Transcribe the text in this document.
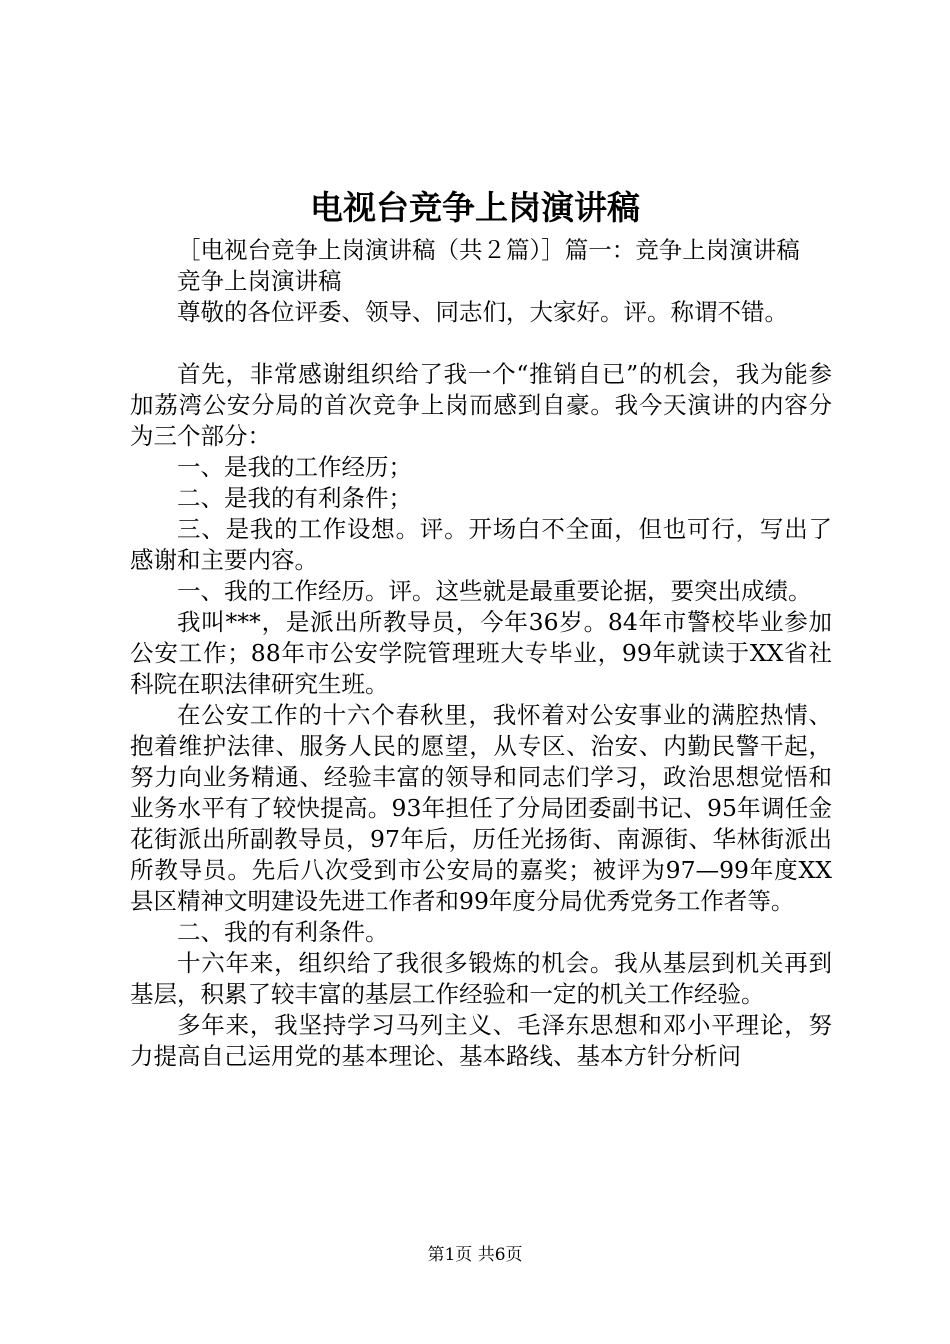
电视台竞争上岗演讲稿

［电视台竞争上岗演讲稿（共２篇）］篇一：竞争上岗演讲稿

竞争上岗演讲稿

尊敬的各位评委、领导、同志们，大家好。评。称谓不错。

首先，非常感谢组织给了我一个“推销自已”的机会，我为能参加荔湾公安分局的首次竞争上岗而感到自豪。我今天演讲的内容分为三个部分：

一、是我的工作经历；

二、是我的有利条件；

三、是我的工作设想。评。开场白不全面，但也可行，写出了感谢和主要内容。

一、我的工作经历。评。这些就是最重要论据，要突出成绩。

我叫***，是派出所教导员，今年36岁。84年市警校毕业参加公安工作；88年市公安学院管理班大专毕业，99年就读于XX省社科院在职法律研究生班。

在公安工作的十六个春秋里，我怀着对公安事业的满腔热情、抱着维护法律、服务人民的愿望，从专区、治安、内勤民警干起，努力向业务精通、经验丰富的领导和同志们学习，政治思想觉悟和业务水平有了较快提高。93年担任了分局团委副书记、95年调任金花街派出所副教导员，97年后，历任光扬街、南源街、华林街派出所教导员。先后八次受到市公安局的嘉奖；被评为97—99年度XX县区精神文明建设先进工作者和99年度分局优秀党务工作者等。

二、我的有利条件。

十六年来，组织给了我很多锻炼的机会。我从基层到机关再到基层，积累了较丰富的基层工作经验和一定的机关工作经验。

多年来，我坚持学习马列主义、毛泽东思想和邓小平理论，努力提高自己运用党的基本理论、基本路线、基本方针分析问

第1页 共6页
